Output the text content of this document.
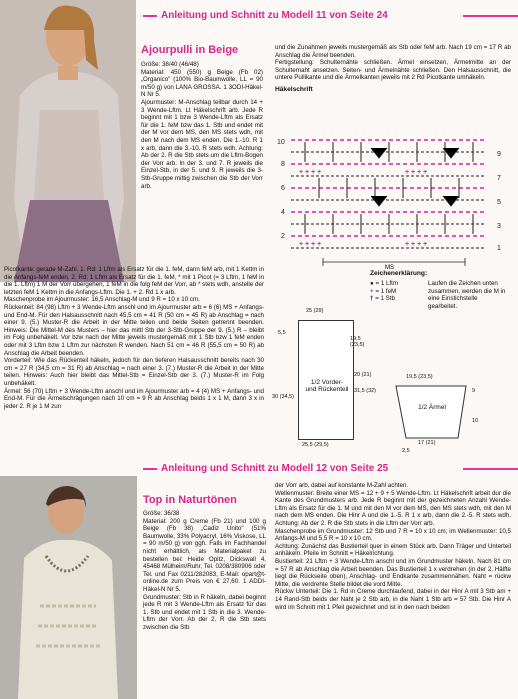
Anleitung und Schnitt zu Modell 11 von Seite 24
Ajourpulli in Beige
Größe: 38/40 (46/48)
Material: 450 (550) g Beige (Fb 02) „Organico" (100% Bio-Baumwolle, LL = 90 m/50 g) von LANA GROSSA. 1 3ODI-Häkel-N Nr 5.
Ajourmuster: M-Anschlag teilbar durch 14 + 3 Wende-Lftm. Lt Häkelschrift arb. Jede R beginnt mit 1 bzw 3 Wende-Lftm als Ersatz für die 1. feM bzw das 1. Stb und endet mit der M vor dem MS, den MS stets wdh, mit den M nach dem MS enden. Die 1.-10. R 1 x arb, dann die 3.-10. R stets wdh. Achtung: Ab der 2. R die Stb stets um die Lftm-Bogen der Vorr arb. In der 3. und 7. R jeweils die Einzel-Stb, in der 5. und 9. R jeweils die 3-Stb-Gruppe mittig zwischen die Stb der Vorr arb.
Picotkante: gerade M-Zahl. 1. Rd: 1 Lftm als Ersatz für die 1. feM, dann feM arb, mit 1 Kettm in die Anfangs-feM enden. 2. Rd: 1 Lftm als Ersatz für die 1. feM, * mit 1 Picot (= 3 Lftm, 1 feM in die 1. Lftm) 1 M der Vorr übergehen, 1 feM in die folg feM der Vorr, ab * stets wdh, anstelle der letzten feM 1 Kettm in die Anfangs-Lftm. Die 1. + 2. Rd 1 x arb.
Maschenprobe im Ajourmuster: 16,5 Anschlag-M und 9 R = 10 x 10 cm.
Rückenteil: 84 (98) Lftm + 3 Wende-Lftm anschl und im Ajourmuster arb = 6 (6) MS + Anfangs- und End-M. Für den Halsausschnitt nach 45,5 cm = 41 R (50 cm = 45 R) ab Anschlag = nach einer 9. (5.) Muster-R die Arbeit in der Mitte teilen und beide Seiten getrennt beenden. Hinweis: Die Mittel-M des Musters – hier das mittl Stb der 3-Stb-Gruppe der 9. (5.) R – bleibt im Folg unbehäkelt. Vor bzw nach der Mitte jeweils mustergemäß mit 1 Stb bzw 1 feM enden oder mit 3 Lftm bzw 1 Lftm zur nächsten R wenden. Nach 51 cm = 46 R (55,5 cm = 50 R) ab Anschlag die Arbeit beenden.
Vorderteil: Wie das Rückenteil häkeln, jedoch für den tieferen Halsausschnitt bereits nach 30 cm = 27 R (34,5 cm = 31 R) ab Anschlag = nach einer 3. (7.) Muster-R die Arbeit in der Mitte teilen. Hinweis: Auch hier bleibt das Mittel-Stb = Einzel-Stb der 3. (7.) Muster-R im Folg unbehäkelt.
Ärmel: 56 (70) Lftm + 3 Wende-Lftm anschl und im Ajourmuster arb = 4 (4) MS + Anfangs- und End-M. Für die Ärmelschrägungen nach 10 cm = 9 R ab Anschlag beids 1 x 1 M, dann 3 x in jeder 2. R je 1 M zun
und die Zunahmen jeweils mustergemäß als Stb oder feM arb. Nach 19 cm = 17 R ab Anschlag die Ärmel beenden.
Fertigstellung: Schulternähte schließen. Ärmel einsetzen, Ärmelmitte an der Schulternaht ansetzen. Seiten- und Ärmelnähte schließen. Den Halsausschnitt, die untere Pullikante und die Ärmelkanten jeweils mit 2 Rd Picotkante umhäkeln.
Häkelschrift
10
8
6
4
2
9
7
5
3
1
+ + + +	+ + + +
+ + + +	+ + + +
MS
Zeichenerklärung:
● = 1 Lftm
+ = 1 feM
† = 1 Stb
Laufen die Zeichen unten zusammen, werden die M in eine Einstichstelle gearbeitet.
25 (29)
5,5
1/2 Vorder- und Rückenteil
30 (34,5)
31,5 (32)
25,5 (29,5)
19,5 (23,5)
20 (21)	19,5 (23,5)
9
1/2 Ärmel
10
17 (21)
2,5
Anleitung und Schnitt zu Modell 12 von Seite 25
Top in Naturtönen
Größe: 36/38
Material: 200 g Creme (Fb 21) und 100 g Beige (Fb 38) „Cadiz Unito" (51% Baumwolle, 33% Polyacryl, 16% Viskose, LL = 90 m/50 g) von ggh. Falls im Fachhandel nicht erhältlich, als Materialpaket zu bestellen bei: Heide Opitz, Dickswall 4, 45468 Mülheim/Ruhr, Tel. 0208/380906 oder Tel. und Fax 0211/282083, E-Mail: opart@t-online.de zum Preis von € 27,60. 1 ADDI-Häkel-N Nr 5.
Grundmuster: Stb in R häkeln, dabei beginnt jede R mit 3 Wende-Lftm als Ersatz für das 1. Stb und endet mit 1 Stb in die 3. Wende-Lftm der Vorr. Ab der 2. R die Stb stets zwischen die Stb
der Vorr arb, dabei auf konstante M-Zahl achten.
Wellenmuster: Breite einer MS = 12 + 9 + 5 Wende-Lftm. Lt Häkelschrift arbeit dur die Kante des Grundmusters arb. Jede R beginnt mit der gezeichneten Anzahl Wende-Lftm als Ersatz für die 1. M und mit den M vor dem MS, den MS stets wdh, mit den M nach dem MS enden. Die Hinr A und die 1.-5. R 1 x arb, dann die 2.-5. R stets wdh. Achtung: Ab der 2. R die Stb stets in die Lftm der Vorr arb.
Maschenprobe im Grundmuster: 12 Stb und 7 R = 10 x 10 cm; im Wellenmuster: 10,5 Anfangs-M und 5,5 R = 10 x 10 cm.
Achtung: Zunächst das Bustierteil quer in einem Stück arb. Dann Träger und Unterteil anhäkeln. Pfeile im Schnitt = Häkelrichtung.
Bustierteil: 21 Lftm + 3 Wende-Lftm anschl und im Grundmuster häkeln. Nach 81 cm = 57 R ab Anschlag die Arbeit beenden. Das Bustierteil 1 x verdrehen (in der 2. Hälfte liegt die Rückseite oben), Anschlag- und Endkante zusammennähen. Naht = rückw Mitte, die verdrehte Stelle bildet die vord Mitte.
Rückw Unterteil: Die 1. Rd in Creme durchlaufend, dabei in der Hinr A mit 3 Stb am + 14 Rand-Stb beids der Naht je 2 Stb arb, in die Naht 1 Stb arb = 57 Stb. Die Hinr A wird im Schnitt mit 1 Pfeil gezeichnet und ist in den nach beiden
